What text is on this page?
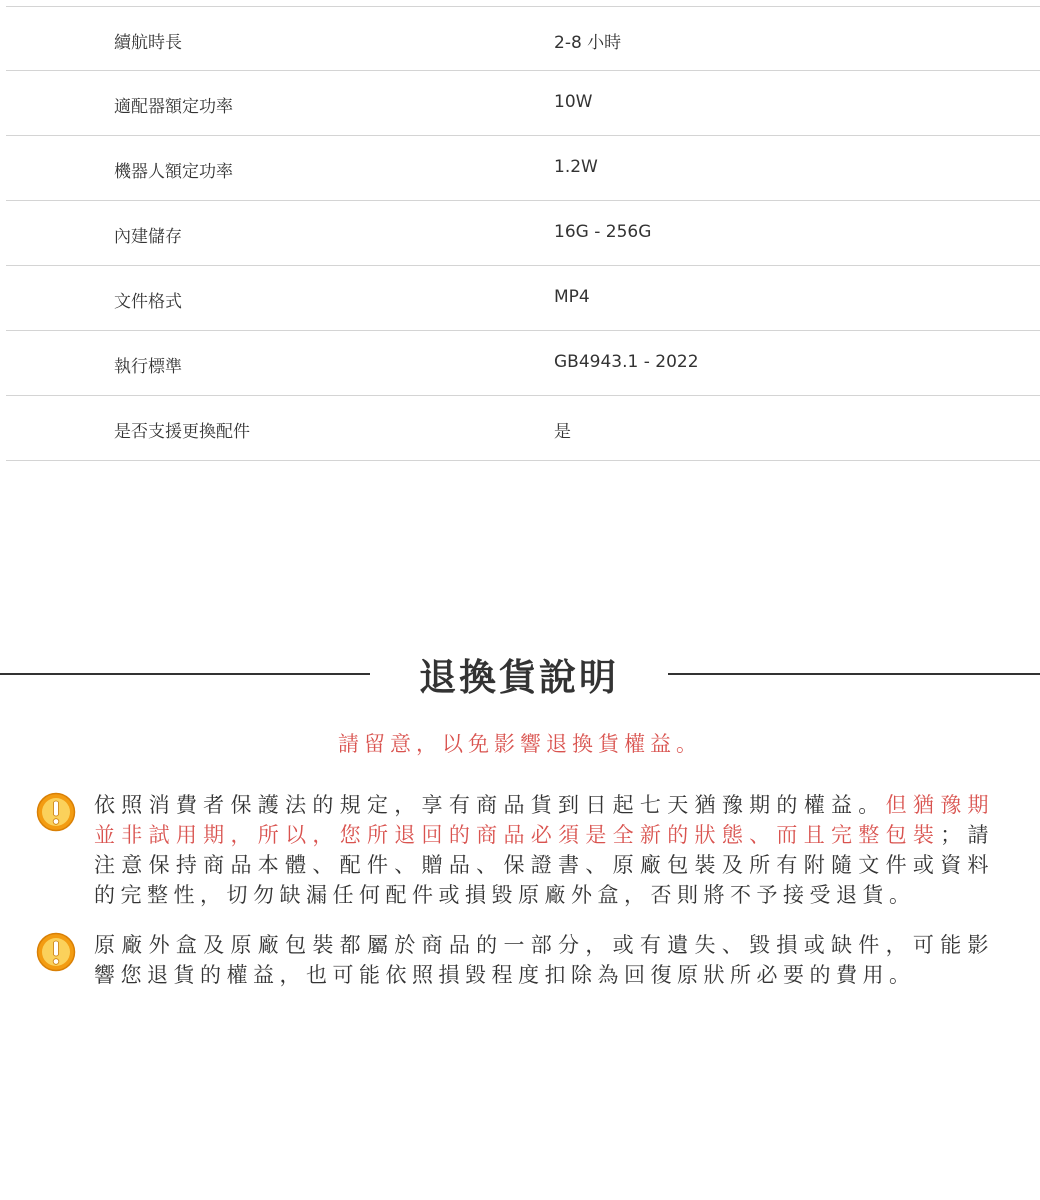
續航時長	2-8 小時
適配器額定功率	10W
機器人額定功率	1.2W
內建儲存	16G - 256G
文件格式	MP4
執行標準	GB4943.1 - 2022
是否支援更換配件	是
退換貨說明
請留意，以免影響退換貨權益。
依照消費者保護法的規定，享有商品貨到日起七天猶豫期的權益。但猶豫期並非試用期，所以，您所退回的商品必須是全新的狀態、而且完整包裝；請注意保持商品本體、配件、贈品、保證書、原廠包裝及所有附隨文件或資料的完整性，切勿缺漏任何配件或損毀原廠外盒，否則將不予接受退貨。
原廠外盒及原廠包裝都屬於商品的一部分，或有遺失、毀損或缺件，可能影響您退貨的權益，也可能依照損毀程度扣除為回復原狀所必要的費用。
